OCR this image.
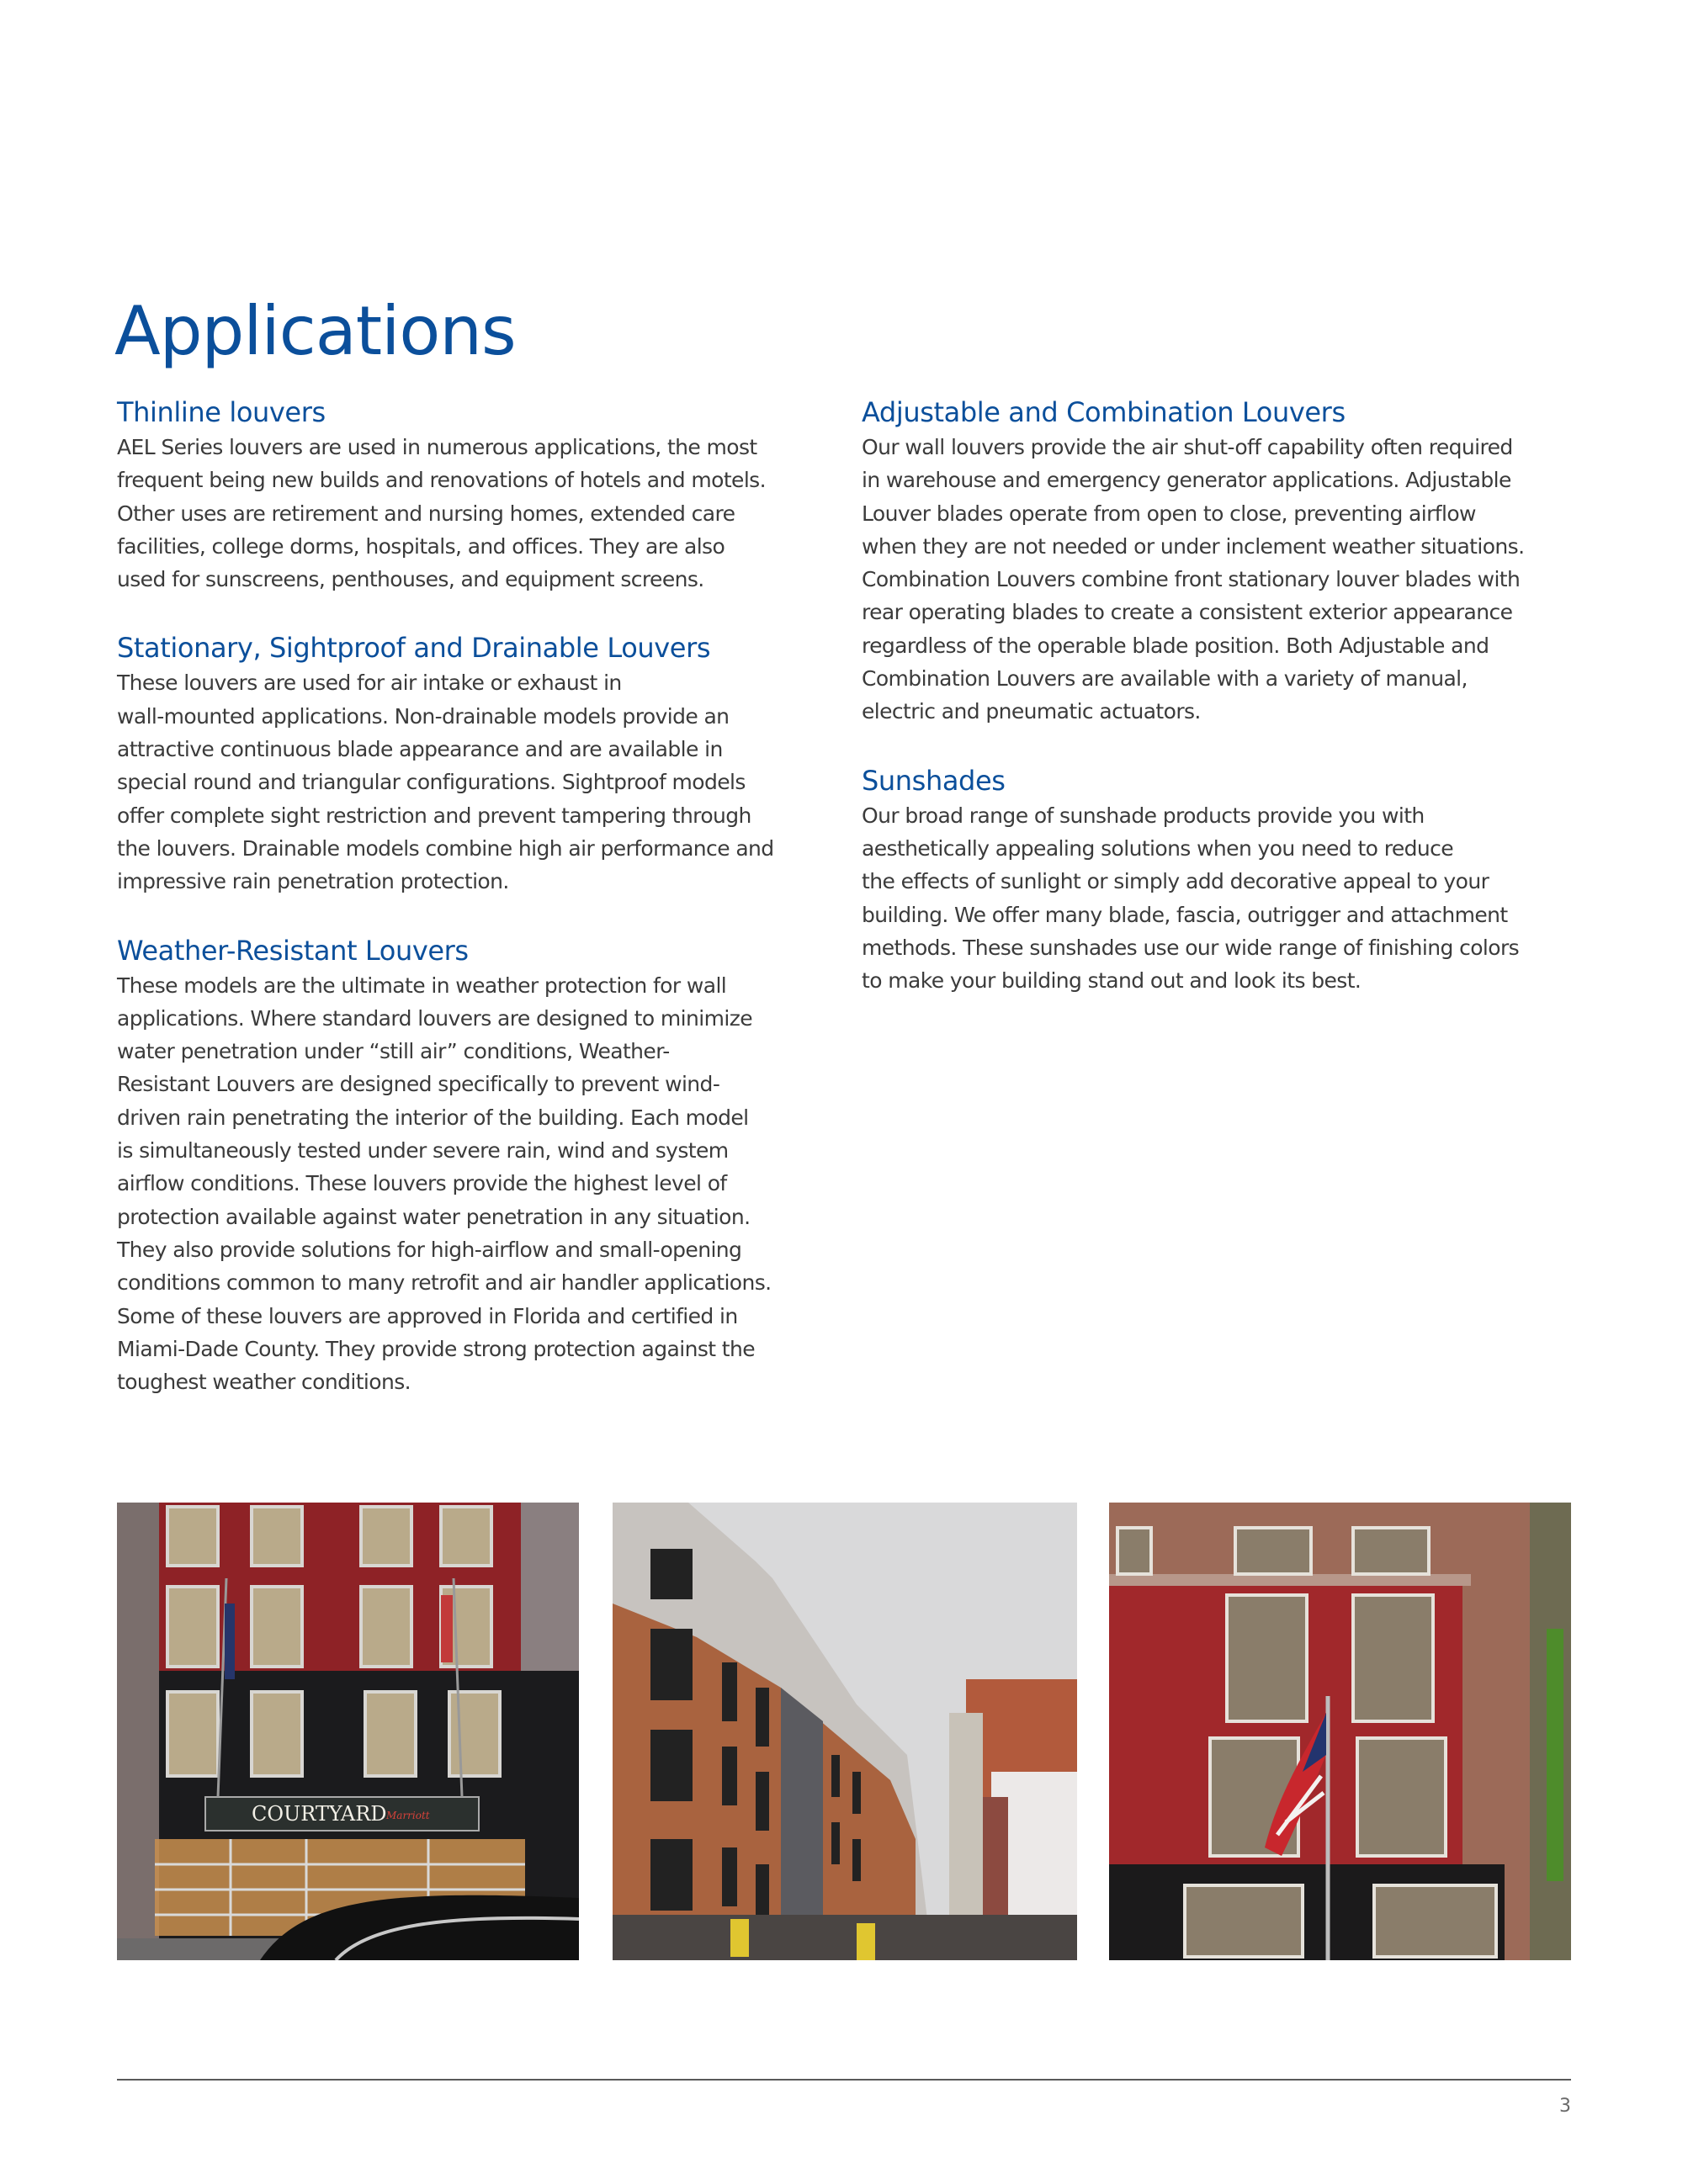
Applications
Thinline louvers

AEL Series louvers are used in numerous applications, the most
frequent being new builds and renovations of hotels and motels.
Other uses are retirement and nursing homes, extended care
facilities, college dorms, hospitals, and offices. They are also
used for sunscreens, penthouses, and equipment screens.

Stationary, Sightproof and Drainable Louvers

These louvers are used for air intake or exhaust in
wall-mounted applications. Non-drainable models provide an
attractive continuous blade appearance and are available in
special round and triangular configurations. Sightproof models
offer complete sight restriction and prevent tampering through
the louvers. Drainable models combine high air performance and
impressive rain penetration protection.

Weather-Resistant Louvers

These models are the ultimate in weather protection for wall
applications. Where standard louvers are designed to minimize
water penetration under “still air” conditions, Weather-
Resistant Louvers are designed specifically to prevent wind-
driven rain penetrating the interior of the building. Each model
is simultaneously tested under severe rain, wind and system
airflow conditions. These louvers provide the highest level of
protection available against water penetration in any situation.
They also provide solutions for high-airflow and small-opening
conditions common to many retrofit and air handler applications.
Some of these louvers are approved in Florida and certified in
Miami-Dade County. They provide strong protection against the
toughest weather conditions.

Adjustable and Combination Louvers

Our wall louvers provide the air shut-off capability often required
in warehouse and emergency generator applications. Adjustable
Louver blades operate from open to close, preventing airflow
when they are not needed or under inclement weather situations.
Combination Louvers combine front stationary louver blades with
rear operating blades to create a consistent exterior appearance
regardless of the operable blade position. Both Adjustable and
Combination Louvers are available with a variety of manual,
electric and pneumatic actuators.

Sunshades

Our broad range of sunshade products provide you with
aesthetically appealing solutions when you need to reduce
the effects of sunlight or simply add decorative appeal to your
building. We offer many blade, fascia, outrigger and attachment
methods. These sunshades use our wide range of finishing colors
to make your building stand out and look its best.

COURTYARD Marriott
3
